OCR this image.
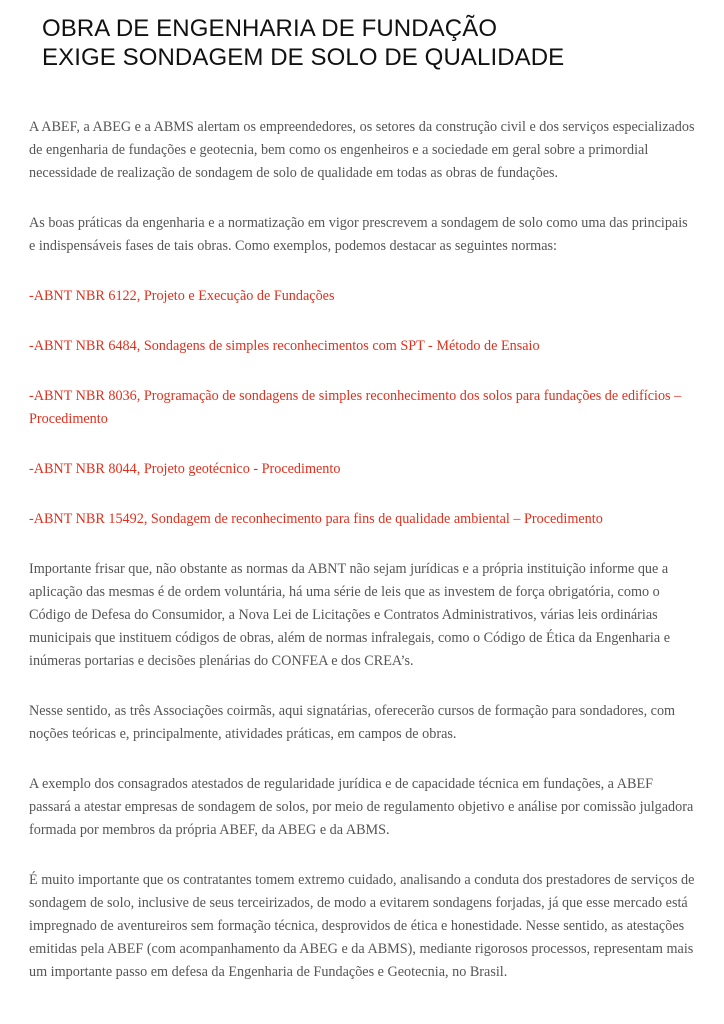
OBRA DE ENGENHARIA DE FUNDAÇÃO
EXIGE SONDAGEM DE SOLO DE QUALIDADE

A ABEF, a ABEG e a ABMS alertam os empreendedores, os setores da construção civil e dos serviços especializados de engenharia de fundações e geotecnia, bem como os engenheiros e a sociedade em geral sobre a primordial necessidade de realização de sondagem de solo de qualidade em todas as obras de fundações.

As boas práticas da engenharia e a normatização em vigor prescrevem a sondagem de solo como uma das principais e indispensáveis fases de tais obras. Como exemplos, podemos destacar as seguintes normas:

-ABNT NBR 6122, Projeto e Execução de Fundações

-ABNT NBR 6484, Sondagens de simples reconhecimentos com SPT - Método de Ensaio

-ABNT NBR 8036, Programação de sondagens de simples reconhecimento dos solos para fundações de edifícios – Procedimento

-ABNT NBR 8044, Projeto geotécnico - Procedimento

-ABNT NBR 15492, Sondagem de reconhecimento para fins de qualidade ambiental – Procedimento

Importante frisar que, não obstante as normas da ABNT não sejam jurídicas e a própria instituição informe que a aplicação das mesmas é de ordem voluntária, há uma série de leis que as investem de força obrigatória, como o Código de Defesa do Consumidor, a Nova Lei de Licitações e Contratos Administrativos, várias leis ordinárias municipais que instituem códigos de obras, além de normas infralegais, como o Código de Ética da Engenharia e inúmeras portarias e decisões plenárias do CONFEA e dos CREA’s.

Nesse sentido, as três Associações coirmãs, aqui signatárias, oferecerão cursos de formação para sondadores, com noções teóricas e, principalmente, atividades práticas, em campos de obras.

A exemplo dos consagrados atestados de regularidade jurídica e de capacidade técnica em fundações, a ABEF passará a atestar empresas de sondagem de solos, por meio de regulamento objetivo e análise por comissão julgadora formada por membros da própria ABEF, da ABEG e da ABMS.

É muito importante que os contratantes tomem extremo cuidado, analisando a conduta dos prestadores de serviços de sondagem de solo, inclusive de seus terceirizados, de modo a evitarem sondagens forjadas, já que esse mercado está impregnado de aventureiros sem formação técnica, desprovidos de ética e honestidade. Nesse sentido, as atestações emitidas pela ABEF (com acompanhamento da ABEG e da ABMS), mediante rigorosos processos, representam mais um importante passo em defesa da Engenharia de Fundações e Geotecnia, no Brasil.
